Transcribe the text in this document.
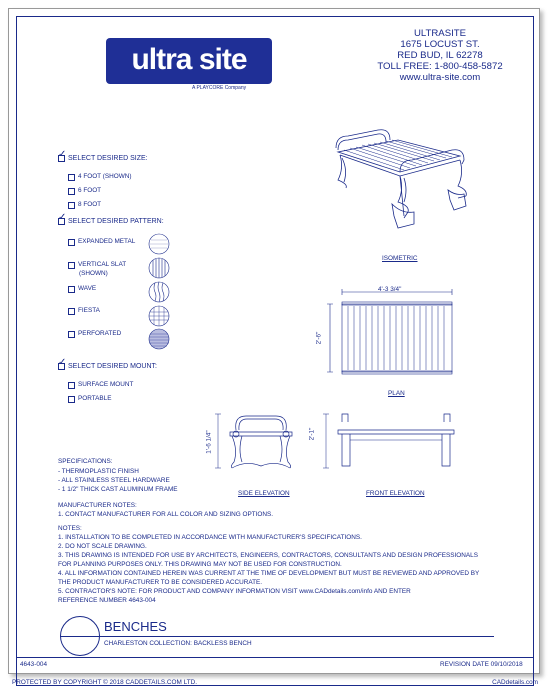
ultra site
A PLAYCORE Company
ULTRASITE
1675 LOCUST ST.
RED BUD, IL 62278
TOLL FREE: 1-800-458-5872
www.ultra-site.com
✓
SELECT DESIRED SIZE:
4 FOOT (SHOWN)
6 FOOT
8 FOOT
✓
SELECT DESIRED PATTERN:
EXPANDED METAL
VERTICAL SLAT
(SHOWN)
WAVE
FIESTA
PERFORATED
✓
SELECT DESIRED MOUNT:
SURFACE MOUNT
PORTABLE
ISOMETRIC
4'-3 3/4"
2'-6"
PLAN
1'-6 1/4"
SIDE ELEVATION
2'-1"
FRONT ELEVATION
SPECIFICATIONS:
- THERMOPLASTIC FINISH
- ALL STAINLESS STEEL HARDWARE
- 1 1/2" THICK CAST ALUMINUM FRAME
MANUFACTURER NOTES:
1. CONTACT MANUFACTURER FOR ALL COLOR AND SIZING OPTIONS.
NOTES:
1. INSTALLATION TO BE COMPLETED IN ACCORDANCE WITH MANUFACTURER'S SPECIFICATIONS.
2. DO NOT SCALE DRAWING.
3. THIS DRAWING IS INTENDED FOR USE BY ARCHITECTS, ENGINEERS, CONTRACTORS, CONSULTANTS AND DESIGN PROFESSIONALS
FOR PLANNING PURPOSES ONLY. THIS DRAWING MAY NOT BE USED FOR CONSTRUCTION.
4. ALL INFORMATION CONTAINED HEREIN WAS CURRENT AT THE TIME OF DEVELOPMENT BUT MUST BE REVIEWED AND APPROVED BY
THE PRODUCT MANUFACTURER TO BE CONSIDERED ACCURATE.
5. CONTRACTOR'S NOTE: FOR PRODUCT AND COMPANY INFORMATION VISIT www.CADdetails.com/info AND ENTER
REFERENCE NUMBER 4643-004
BENCHES
CHARLESTON COLLECTION: BACKLESS BENCH
4643-004	REVISION DATE 09/10/2018
PROTECTED BY COPYRIGHT © 2018 CADDETAILS.COM LTD.	CADdetails.com
